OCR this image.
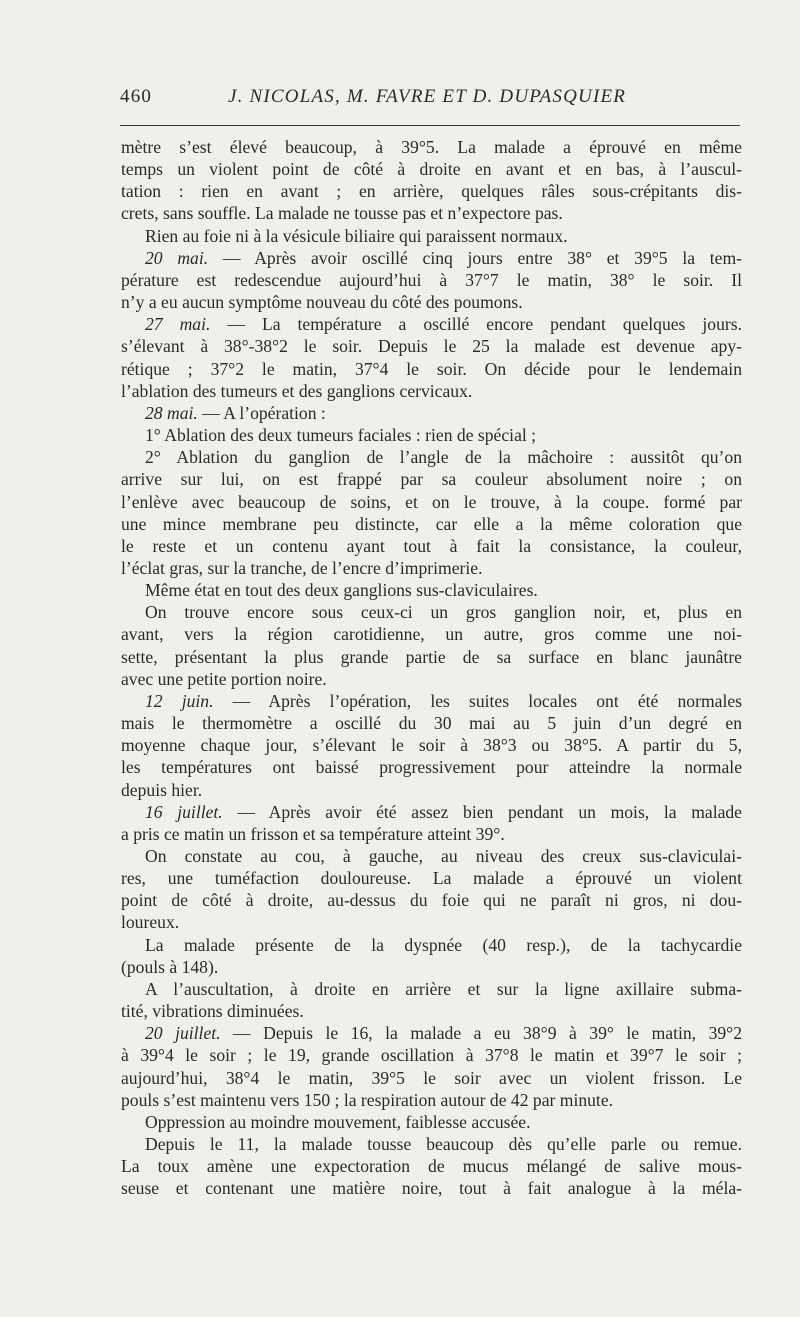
460	J. NICOLAS, M. FAVRE ET D. DUPASQUIER
mètre s’est élevé beaucoup, à 39°5. La malade a éprouvé en même
temps un violent point de côté à droite en avant et en bas, à l’auscul-
tation : rien en avant ; en arrière, quelques râles sous-crépitants dis-
crets, sans souffle. La malade ne tousse pas et n’expectore pas.
Rien au foie ni à la vésicule biliaire qui paraissent normaux.
20 mai. — Après avoir oscillé cinq jours entre 38° et 39°5 la tem-
pérature est redescendue aujourd’hui à 37°7 le matin, 38° le soir. Il
n’y a eu aucun symptôme nouveau du côté des poumons.
27 mai. — La température a oscillé encore pendant quelques jours.
s’élevant à 38°-38°2 le soir. Depuis le 25 la malade est devenue apy-
rétique ; 37°2 le matin, 37°4 le soir. On décide pour le lendemain
l’ablation des tumeurs et des ganglions cervicaux.
28 mai. — A l’opération :
1° Ablation des deux tumeurs faciales : rien de spécial ;
2° Ablation du ganglion de l’angle de la mâchoire : aussitôt qu’on
arrive sur lui, on est frappé par sa couleur absolument noire ; on
l’enlève avec beaucoup de soins, et on le trouve, à la coupe. formé par
une mince membrane peu distincte, car elle a la même coloration que
le reste et un contenu ayant tout à fait la consistance, la couleur,
l’éclat gras, sur la tranche, de l’encre d’imprimerie.
Même état en tout des deux ganglions sus-claviculaires.
On trouve encore sous ceux-ci un gros ganglion noir, et, plus en
avant, vers la région carotidienne, un autre, gros comme une noi-
sette, présentant la plus grande partie de sa surface en blanc jaunâtre
avec une petite portion noire.
12 juin. — Après l’opération, les suites locales ont été normales
mais le thermomètre a oscillé du 30 mai au 5 juin d’un degré en
moyenne chaque jour, s’élevant le soir à 38°3 ou 38°5. A partir du 5,
les températures ont baissé progressivement pour atteindre la normale
depuis hier.
16 juillet. — Après avoir été assez bien pendant un mois, la malade
a pris ce matin un frisson et sa température atteint 39°.
On constate au cou, à gauche, au niveau des creux sus-claviculai-
res, une tuméfaction douloureuse. La malade a éprouvé un violent
point de côté à droite, au-dessus du foie qui ne paraît ni gros, ni dou-
loureux.
La malade présente de la dyspnée (40 resp.), de la tachycardie
(pouls à 148).
A l’auscultation, à droite en arrière et sur la ligne axillaire subma-
tité, vibrations diminuées.
20 juillet. — Depuis le 16, la malade a eu 38°9 à 39° le matin, 39°2
à 39°4 le soir ; le 19, grande oscillation à 37°8 le matin et 39°7 le soir ;
aujourd’hui, 38°4 le matin, 39°5 le soir avec un violent frisson. Le
pouls s’est maintenu vers 150 ; la respiration autour de 42 par minute.
Oppression au moindre mouvement, faiblesse accusée.
Depuis le 11, la malade tousse beaucoup dès qu’elle parle ou remue.
La toux amène une expectoration de mucus mélangé de salive mous-
seuse et contenant une matière noire, tout à fait analogue à la méla-
